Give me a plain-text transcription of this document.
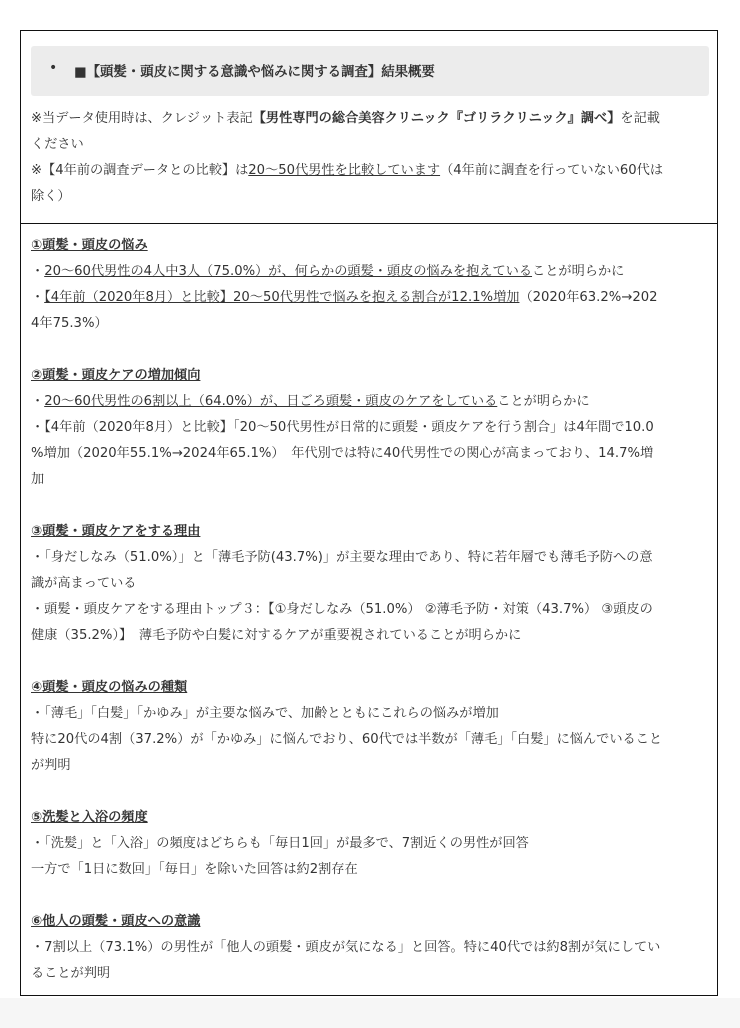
• ■【頭髪・頭皮に関する意識や悩みに関する調査】結果概要
※当データ使用時は、クレジット表記【男性専門の総合美容クリニック『ゴリラクリニック』調べ】を記載
ください
※【4年前の調査データとの比較】は20〜50代男性を比較しています（4年前に調査を行っていない60代は
除く）
①頭髪・頭皮の悩み
・20〜60代男性の4人中3人（75.0%）が、何らかの頭髪・頭皮の悩みを抱えていることが明らかに
・【4年前（2020年8月）と比較】20〜50代男性で悩みを抱える割合が12.1%増加（2020年63.2%→202
4年75.3%）
②頭髪・頭皮ケアの増加傾向
・20〜60代男性の6割以上（64.0%）が、日ごろ頭髪・頭皮のケアをしていることが明らかに
・【4年前（2020年8月）と比較】「20〜50代男性が日常的に頭髪・頭皮ケアを行う割合」は4年間で10.0
%増加（2020年55.1%→2024年65.1%）　年代別では特に40代男性での関心が高まっており、14.7%増
加
③頭髪・頭皮ケアをする理由
・「身だしなみ（51.0%）」と「薄毛予防(43.7%)」が主要な理由であり、特に若年層でも薄毛予防への意
識が高まっている
・頭髪・頭皮ケアをする理由トップ３：【①身だしなみ（51.0%） ②薄毛予防・対策（43.7%） ③頭皮の
健康（35.2%）】　薄毛予防や白髪に対するケアが重要視されていることが明らかに
④頭髪・頭皮の悩みの種類
・「薄毛」「白髪」「かゆみ」が主要な悩みで、加齢とともにこれらの悩みが増加
特に20代の4割（37.2%）が「かゆみ」に悩んでおり、60代では半数が「薄毛」「白髪」に悩んでいること
が判明
⑤洗髪と入浴の頻度
・「洗髪」と「入浴」の頻度はどちらも「毎日1回」が最多で、7割近くの男性が回答
一方で「1日に数回」「毎日」を除いた回答は約2割存在
⑥他人の頭髪・頭皮への意識
・7割以上（73.1%）の男性が「他人の頭髪・頭皮が気になる」と回答。特に40代では約8割が気にしてい
ることが判明
